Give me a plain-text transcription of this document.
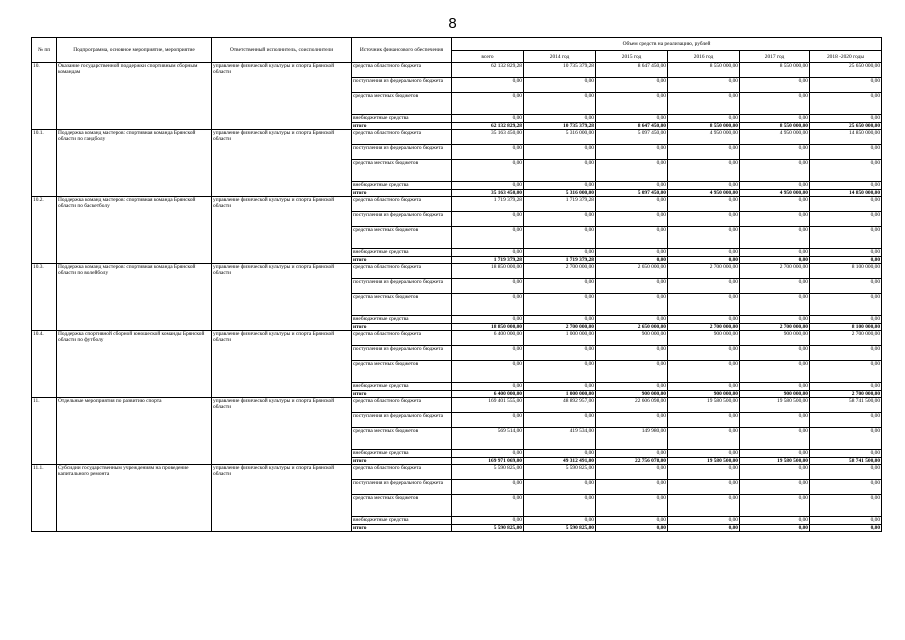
8
№ пп	Подпрограмма, основное мероприятие, мероприятие	Ответственный исполнитель, соисполнители	Источник финансового обеспечения	Объем средств на реализацию, рублей					
				всего	2014 год	2015 год	2016 год	2017 год	2018 -2020 годы
10.	Оказание государственной поддержки спортивным сборным командам	управление физической культуры и спорта Брянской области	средства областного бюджета	62 132 829,28	10 735 379,28	8 647 450,00	8 550 000,00	8 550 000,00	25 650 000,00
			поступления из федерального бюджета	0,00	0,00	0,00	0,00	0,00	0,00
			средства местных бюджетов	0,00	0,00	0,00	0,00	0,00	0,00
			внебюджетные средства	0,00	0,00	0,00	0,00	0,00	0,00
			итого	62 132 829,28	10 735 379,28	8 647 450,00	8 550 000,00	8 550 000,00	25 650 000,00
10.1.	Поддержка команд мастеров: спортивная команда Брянской области по гандболу	управление физической культуры и спорта Брянской области	средства областного бюджета	35 163 450,00	5 316 000,00	5 097 450,00	4 950 000,00	4 950 000,00	14 850 000,00
			поступления из федерального бюджета	0,00	0,00	0,00	0,00	0,00	0,00
			средства местных бюджетов	0,00	0,00	0,00	0,00	0,00	0,00
			внебюджетные средства	0,00	0,00	0,00	0,00	0,00	0,00
			итого	35 163 450,00	5 316 000,00	5 097 450,00	4 950 000,00	4 950 000,00	14 850 000,00
10.2.	Поддержка команд мастеров: спортивная команда Брянской области по баскетболу	управление физической культуры и спорта Брянской области	средства областного бюджета	1 719 379,28	1 719 379,28	0,00	0,00	0,00	0,00
			поступления из федерального бюджета	0,00	0,00	0,00	0,00	0,00	0,00
			средства местных бюджетов	0,00	0,00	0,00	0,00	0,00	0,00
			внебюджетные средства	0,00	0,00	0,00	0,00	0,00	0,00
			итого	1 719 379,28	1 719 379,28	0,00	0,00	0,00	0,00
10.3.	Поддержка команд мастеров: спортивная команда Брянской области по волейболу	управление физической культуры и спорта Брянской области	средства областного бюджета	18 850 000,00	2 700 000,00	2 650 000,00	2 700 000,00	2 700 000,00	8 100 000,00
			поступления из федерального бюджета	0,00	0,00	0,00	0,00	0,00	0,00
			средства местных бюджетов	0,00	0,00	0,00	0,00	0,00	0,00
			внебюджетные средства	0,00	0,00	0,00	0,00	0,00	0,00
			итого	18 850 000,00	2 700 000,00	2 650 000,00	2 700 000,00	2 700 000,00	8 100 000,00
10.4.	Поддержка спортивной сборной юношеской команды Брянской области по футболу	управление физической культуры и спорта Брянской области	средства областного бюджета	6 400 000,00	1 000 000,00	900 000,00	900 000,00	900 000,00	2 700 000,00
			поступления из федерального бюджета	0,00	0,00	0,00	0,00	0,00	0,00
			средства местных бюджетов	0,00	0,00	0,00	0,00	0,00	0,00
			внебюджетные средства	0,00	0,00	0,00	0,00	0,00	0,00
			итого	6 400 000,00	1 000 000,00	900 000,00	900 000,00	900 000,00	2 700 000,00
11.	Отдельные мероприятия по развитию спорта	управление физической культуры и спорта Брянской области	средства областного бюджета	169 401 555,00	48 892 957,00	22 606 098,00	19 580 500,00	19 580 500,00	58 741 500,00
			поступления из федерального бюджета	0,00	0,00	0,00	0,00	0,00	0,00
			средства местных бюджетов	569 514,00	419 534,00	149 980,00	0,00	0,00	0,00
			внебюджетные средства	0,00	0,00	0,00	0,00	0,00	0,00
			итого	169 971 069,00	49 312 491,00	22 756 078,00	19 580 500,00	19 580 500,00	58 741 500,00
11.1.	Субсидии государственным учреждениям на проведение капитального ремонта	управление физической культуры и спорта Брянской области	средства областного бюджета	5 590 825,00	5 590 825,00	0,00	0,00	0,00	0,00
			поступления из федерального бюджета	0,00	0,00	0,00	0,00	0,00	0,00
			средства местных бюджетов	0,00	0,00	0,00	0,00	0,00	0,00
			внебюджетные средства	0,00	0,00	0,00	0,00	0,00	0,00
			итого	5 590 825,00	5 590 825,00	0,00	0,00	0,00	0,00
